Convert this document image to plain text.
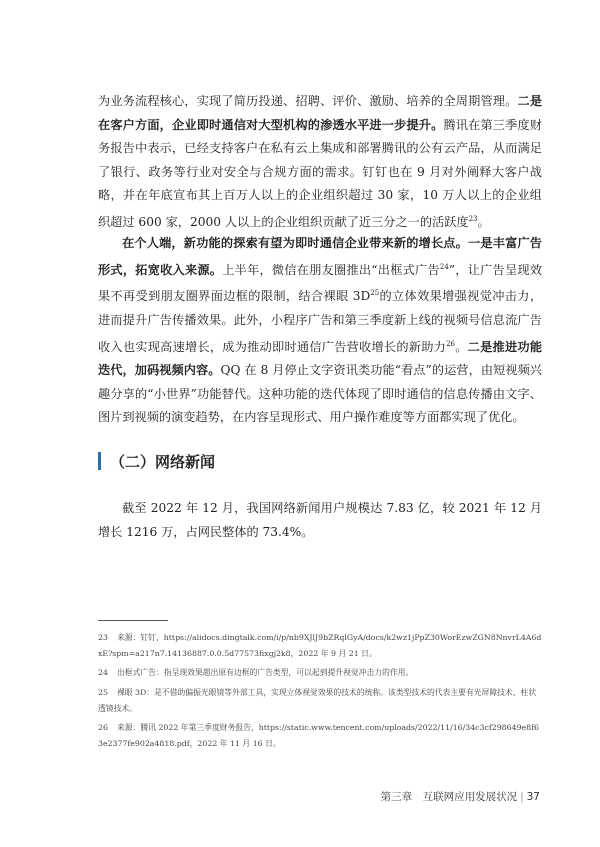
为业务流程核心，实现了简历投递、招聘、评价、激励、培养的全周期管理。二是在客户方面，企业即时通信对大型机构的渗透水平进一步提升。腾讯在第三季度财务报告中表示，已经支持客户在私有云上集成和部署腾讯的公有云产品，从而满足了银行、政务等行业对安全与合规方面的需求。钉钉也在 9 月对外阐释大客户战略，并在年底宣布其上百万人以上的企业组织超过 30 家，10 万人以上的企业组织超过 600 家，2000 人以上的企业组织贡献了近三分之一的活跃度$^{23}$。

在个人端，新功能的探索有望为即时通信企业带来新的增长点。一是丰富广告形式，拓宽收入来源。上半年，微信在朋友圈推出“出框式广告$^{24}$”，让广告呈现效果不再受到朋友圈界面边框的限制，结合裸眼 $3D^{25}$的立体效果增强视觉冲击力，进而提升广告传播效果。此外，小程序广告和第三季度新上线的视频号信息流广告收入也实现高速增长，成为推动即时通信广告营收增长的新助力$^{26}$。二是推进功能迭代，加码视频内容。QQ 在 8 月停止文字资讯类功能“看点”的运营，由短视频兴趣分享的“小世界”功能替代。这种功能的迭代体现了即时通信的信息传播由文字、图片到视频的演变趋势，在内容呈现形式、用户操作难度等方面都实现了优化。

（二）网络新闻

截至 2022 年 12 月，我国网络新闻用户规模达 7.83 亿，较 2021 年 12 月增长 1216 万，占网民整体的 73.4%。

23 来源：钉钉，https://alidocs.dingtalk.com/i/p/nb9XJlJ9bZRqlGyA/docs/k2wz1jPpZ30WorEzwZGN8NnvrL4A6dxE?spm=a217n7.14136887.0.0.5d77573fixgj2k8，2022 年 9 月 21 日。

24 出框式广告：指呈现效果超出原有边框的广告类型，可以起到提升视觉冲击力的作用。

25 裸眼 3D：是不借助偏振光眼镜等外部工具，实现立体视觉效果的技术的统称。该类型技术的代表主要有光屏障技术、柱状透镜技术。

26 来源：腾讯 2022 年第三季度财务报告，https://static.www.tencent.com/uploads/2022/11/16/34c3cf298649e8f63e2377fe902a4818.pdf，2022 年 11 月 16 日。

第三章　互联网应用发展状况 | 37
